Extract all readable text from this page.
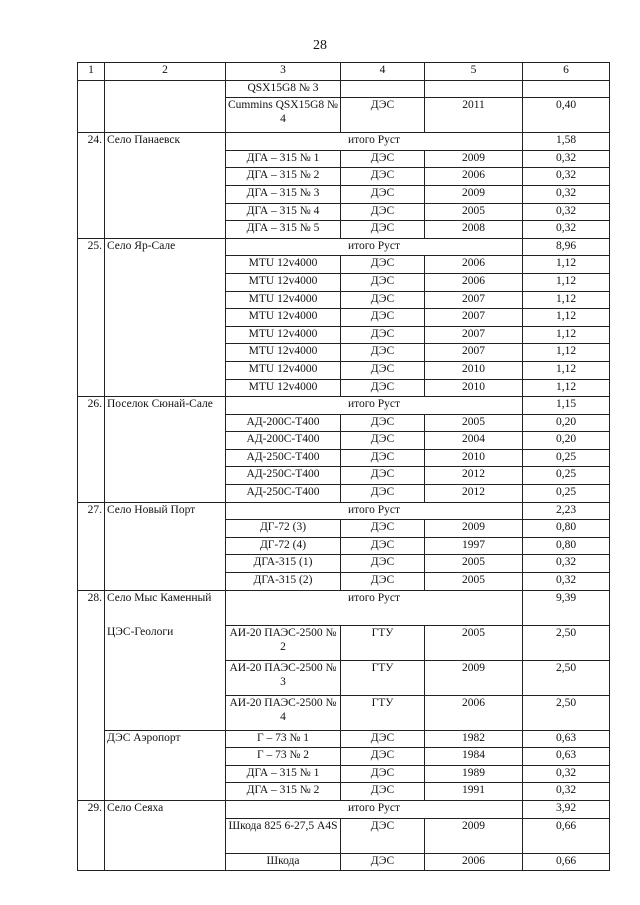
28
1	2	3	4	5	6
		QSX15G8 № 3			
		Cummins QSX15G8 № 4	ДЭС	2011	0,40
24.	Село Панаевск	итого Руст			1,58
		ДГА – 315 № 1	ДЭС	2009	0,32
		ДГА – 315 № 2	ДЭС	2006	0,32
		ДГА – 315 № 3	ДЭС	2009	0,32
		ДГА – 315 № 4	ДЭС	2005	0,32
		ДГА – 315 № 5	ДЭС	2008	0,32
25.	Село Яр-Сале	итого Руст			8,96
		MTU 12v4000	ДЭС	2006	1,12
		MTU 12v4000	ДЭС	2006	1,12
		MTU 12v4000	ДЭС	2007	1,12
		MTU 12v4000	ДЭС	2007	1,12
		MTU 12v4000	ДЭС	2007	1,12
		MTU 12v4000	ДЭС	2007	1,12
		MTU 12v4000	ДЭС	2010	1,12
		MTU 12v4000	ДЭС	2010	1,12
26.	Поселок Сюнай-Сале	итого Руст			1,15
		АД-200С-Т400	ДЭС	2005	0,20
		АД-200С-Т400	ДЭС	2004	0,20
		АД-250С-Т400	ДЭС	2010	0,25
		АД-250С-Т400	ДЭС	2012	0,25
		АД-250С-Т400	ДЭС	2012	0,25
27.	Село Новый Порт	итого Руст			2,23
		ДГ-72 (3)	ДЭС	2009	0,80
		ДГ-72 (4)	ДЭС	1997	0,80
		ДГА-315 (1)	ДЭС	2005	0,32
		ДГА-315 (2)	ДЭС	2005	0,32
28.	Село Мыс Каменный	итого Руст			9,39
	ЦЭС-Геологи	АИ-20 ПАЭС-2500 № 2	ГТУ	2005	2,50
		АИ-20 ПАЭС-2500 № 3	ГТУ	2009	2,50
		АИ-20 ПАЭС-2500 № 4	ГТУ	2006	2,50
	ДЭС Аэропорт	Г – 73 № 1	ДЭС	1982	0,63
		Г – 73 № 2	ДЭС	1984	0,63
		ДГА – 315 № 1	ДЭС	1989	0,32
		ДГА – 315 № 2	ДЭС	1991	0,32
29.	Село Сеяха	итого Руст			3,92
		Шкода 825 6-27,5 A4S	ДЭС	2009	0,66
		Шкода	ДЭС	2006	0,66
